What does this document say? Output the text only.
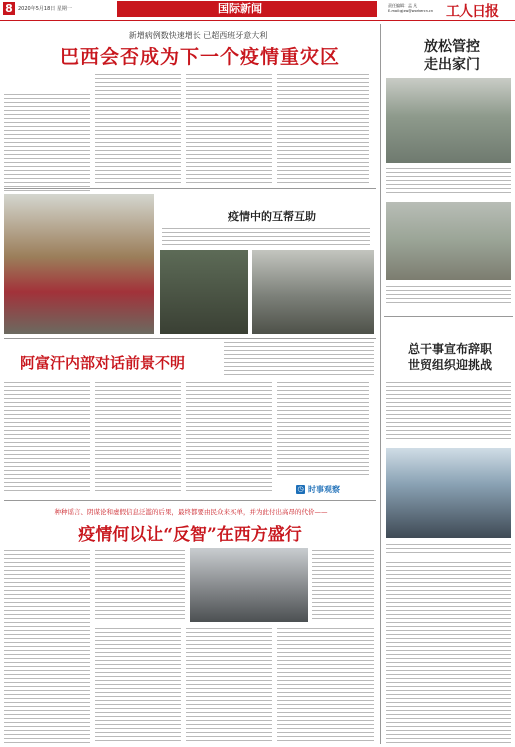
8	2020年5月18日 星期一	国际新闻	责任编辑：孟 凡
E-mail:gjxw@workercn.cn 工人日报
新增病例数快速增长 已超西班牙意大利
巴西会否成为下一个疫情重灾区	放松管控
走出家门
疫情中的互帮互助
阿富汗内部对话前景不明
◷ 时事观察
总干事宣布辞职
世贸组织迎挑战
种种谣言、阴谋论和虚假信息泛滥的后果，最终都要由民众来买单，并为此付出高昂的代价——
疫情何以让“反智”在西方盛行
